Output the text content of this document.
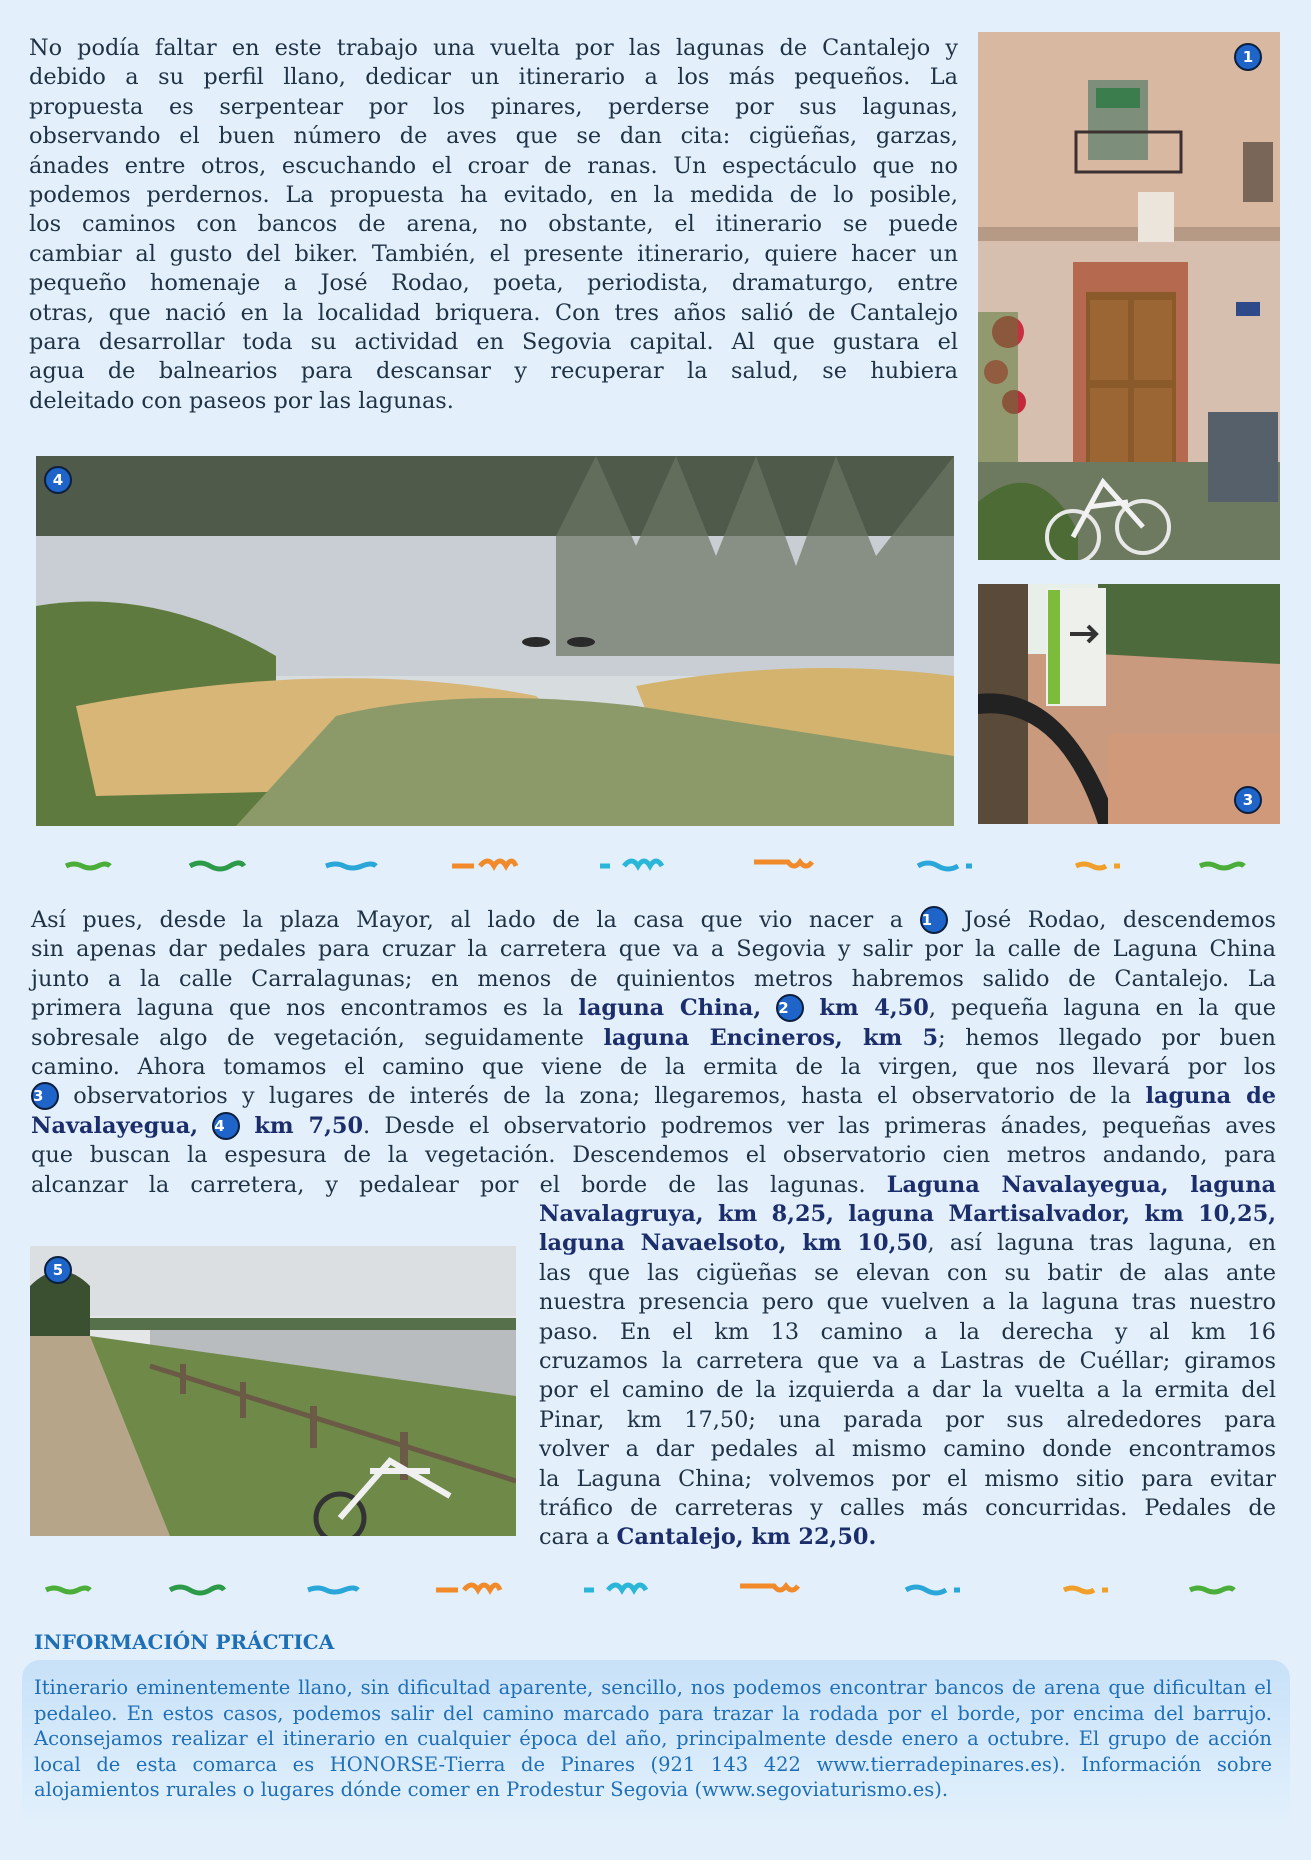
No podía faltar en este trabajo una vuelta por las lagunas de Cantalejo y
debido a su perfil llano, dedicar un itinerario a los más pequeños. La
propuesta es serpentear por los pinares, perderse por sus lagunas,
observando el buen número de aves que se dan cita: cigüeñas, garzas,
ánades entre otros, escuchando el croar de ranas. Un espectáculo que no
podemos perdernos. La propuesta ha evitado, en la medida de lo posible,
los caminos con bancos de arena, no obstante, el itinerario se puede
cambiar al gusto del biker. También, el presente itinerario, quiere hacer un
pequeño homenaje a José Rodao, poeta, periodista, dramaturgo, entre
otras, que nació en la localidad briquera. Con tres años salió de Cantalejo
para desarrollar toda su actividad en Segovia capital. Al que gustara el
agua de balnearios para descansar y recuperar la salud, se hubiera
deleitado con paseos por las lagunas.
1
4
3
Así pues, desde la plaza Mayor, al lado de la casa que vio nacer a 1 José Rodao, descendemos
sin apenas dar pedales para cruzar la carretera que va a Segovia y salir por la calle de Laguna China
junto a la calle Carralagunas; en menos de quinientos metros habremos salido de Cantalejo. La
primera laguna que nos encontramos es la laguna China, 2 km 4,50, pequeña laguna en la que
sobresale algo de vegetación, seguidamente laguna Encineros, km 5; hemos llegado por buen
camino. Ahora tomamos el camino que viene de la ermita de la virgen, que nos llevará por los
3 observatorios y lugares de interés de la zona; llegaremos, hasta el observatorio de la laguna de
Navalayegua, 4 km 7,50. Desde el observatorio podremos ver las primeras ánades, pequeñas aves
que buscan la espesura de la vegetación. Descendemos el observatorio cien metros andando, para
alcanzar la carretera, y pedalear por el borde de las lagunas. Laguna Navalayegua, laguna
Navalagruya, km 8,25, laguna Martisalvador, km 10,25,
laguna Navaelsoto, km 10,50, así laguna tras laguna, en
las que las cigüeñas se elevan con su batir de alas ante
nuestra presencia pero que vuelven a la laguna tras nuestro
paso. En el km 13 camino a la derecha y al km 16
cruzamos la carretera que va a Lastras de Cuéllar; giramos
por el camino de la izquierda a dar la vuelta a la ermita del
Pinar, km 17,50; una parada por sus alrededores para
volver a dar pedales al mismo camino donde encontramos
la Laguna China; volvemos por el mismo sitio para evitar
tráfico de carreteras y calles más concurridas. Pedales de
cara a Cantalejo, km 22,50.
5
INFORMACIÓN PRÁCTICA

Itinerario eminentemente llano, sin dificultad aparente, sencillo, nos podemos encontrar bancos de arena que dificultan el pedaleo. En estos casos, podemos salir del camino marcado para trazar la rodada por el borde, por encima del barrujo. Aconsejamos realizar el itinerario en cualquier época del año, principalmente desde enero a octubre. El grupo de acción local de esta comarca es HONORSE-Tierra de Pinares (921 143 422 www.tierradepinares.es). Información sobre alojamientos rurales o lugares dónde comer en Prodestur Segovia (www.segoviaturismo.es).
